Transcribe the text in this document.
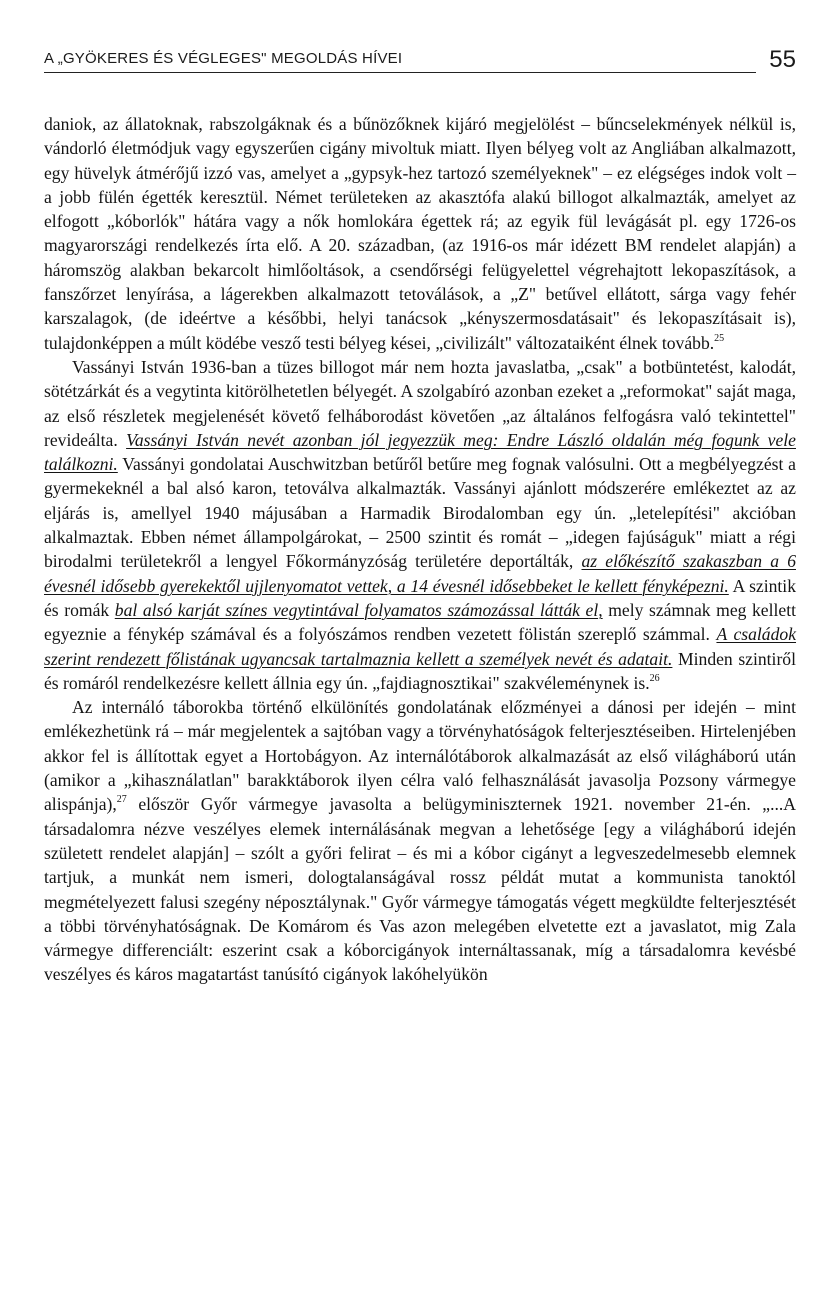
A „GYÖKERES ÉS VÉGLEGES" MEGOLDÁS HÍVEI	55

daniok, az állatoknak, rabszolgáknak és a bűnözőknek kijáró megjelölést – bűncselekmények nélkül is, vándorló életmódjuk vagy egyszerűen cigány mivoltuk miatt. Ilyen bélyeg volt az Angliában alkalmazott, egy hüvelyk átmérőjű izzó vas, amelyet a „gypsyk-hez tartozó személyeknek" – ez elégséges indok volt – a jobb fülén égették keresztül. Német területeken az akasztófa alakú billogot alkalmazták, amelyet az elfogott „kóborlók" hátára vagy a nők homlokára égettek rá; az egyik fül levágását pl. egy 1726-os magyarországi rendelkezés írta elő. A 20. században, (az 1916-os már idézett BM rendelet alapján) a háromszög alakban bekarcolt himlőoltások, a csendőrségi felügyelettel végrehajtott lekopaszítások, a fanszőrzet lenyírása, a lágerekben alkalmazott tetoválások, a „Z" betűvel ellátott, sárga vagy fehér karszalagok, (de ideértve a későbbi, helyi tanácsok „kényszermosdatásait" és lekopaszításait is), tulajdonképpen a múlt ködébe vesző testi bélyeg kései, „civilizált" változataiként élnek tovább.$^{25}$

Vassányi István 1936-ban a tüzes billogot már nem hozta javaslatba, „csak" a botbüntetést, kalodát, sötétzárkát és a vegytinta kitörölhetetlen bélyegét. A szolgabíró azonban ezeket a „reformokat" saját maga, az első részletek megjelenését követő felháborodást követően „az általános felfogásra való tekintettel" revideálta. Vassányi István nevét azonban jól jegyezzük meg: Endre László oldalán még fogunk vele találkozni. Vassányi gondolatai Auschwitzban betűről betűre meg fognak valósulni. Ott a megbélyegzést a gyermekeknél a bal alsó karon, tetoválva alkalmazták. Vassányi ajánlott módszerére emlékeztet az az eljárás is, amellyel 1940 májusában a Harmadik Birodalomban egy ún. „letelepítési" akcióban alkalmaztak. Ebben német állampolgárokat, – 2500 szintit és romát – „idegen fajúságuk" miatt a régi birodalmi területekről a lengyel Főkormányzóság területére deportálták, az előkészítő szakaszban a 6 évesnél idősebb gyerekektől ujjlenyomatot vettek, a 14 évesnél idősebbeket le kellett fényképezni. A szintik és romák bal alsó karját színes vegytintával folyamatos számozással látták el, mely számnak meg kellett egyeznie a fénykép számával és a folyószámos rendben vezetett fölistán szereplő számmal. A családok szerint rendezett főlistának ugyancsak tartalmaznia kellett a személyek nevét és adatait. Minden szintiről és romáról rendelkezésre kellett állnia egy ún. „fajdiagnosztikai" szakvéleménynek is.$^{26}$

Az internáló táborokba történő elkülönítés gondolatának előzményei a dánosi per idején – mint emlékezhetünk rá – már megjelentek a sajtóban vagy a törvényhatóságok felterjesztéseiben. Hirtelenjében akkor fel is állítottak egyet a Hortobágyon. Az internálótáborok alkalmazását az első világháború után (amikor a „kihasználatlan" barakktáborok ilyen célra való felhasználását javasolja Pozsony vármegye alispánja),$^{27}$ először Győr vármegye javasolta a belügyminiszternek 1921. november 21-én. „...A társadalomra nézve veszélyes elemek internálásának megvan a lehetősége [egy a világháború idején született rendelet alapján] – szólt a győri felirat – és mi a kóbor cigányt a legveszedelmesebb elemnek tartjuk, a munkát nem ismeri, dologtalanságával rossz példát mutat a kommunista tanoktól megmételyezett falusi szegény néposztálynak." Győr vármegye támogatás végett megküldte felterjesztését a többi törvényhatóságnak. De Komárom és Vas azon melegében elvetette ezt a javaslatot, mig Zala vármegye differenciált: eszerint csak a kóborcigányok internáltassanak, míg a társadalomra kevésbé veszélyes és káros magatartást tanúsító cigányok lakóhelyükön
